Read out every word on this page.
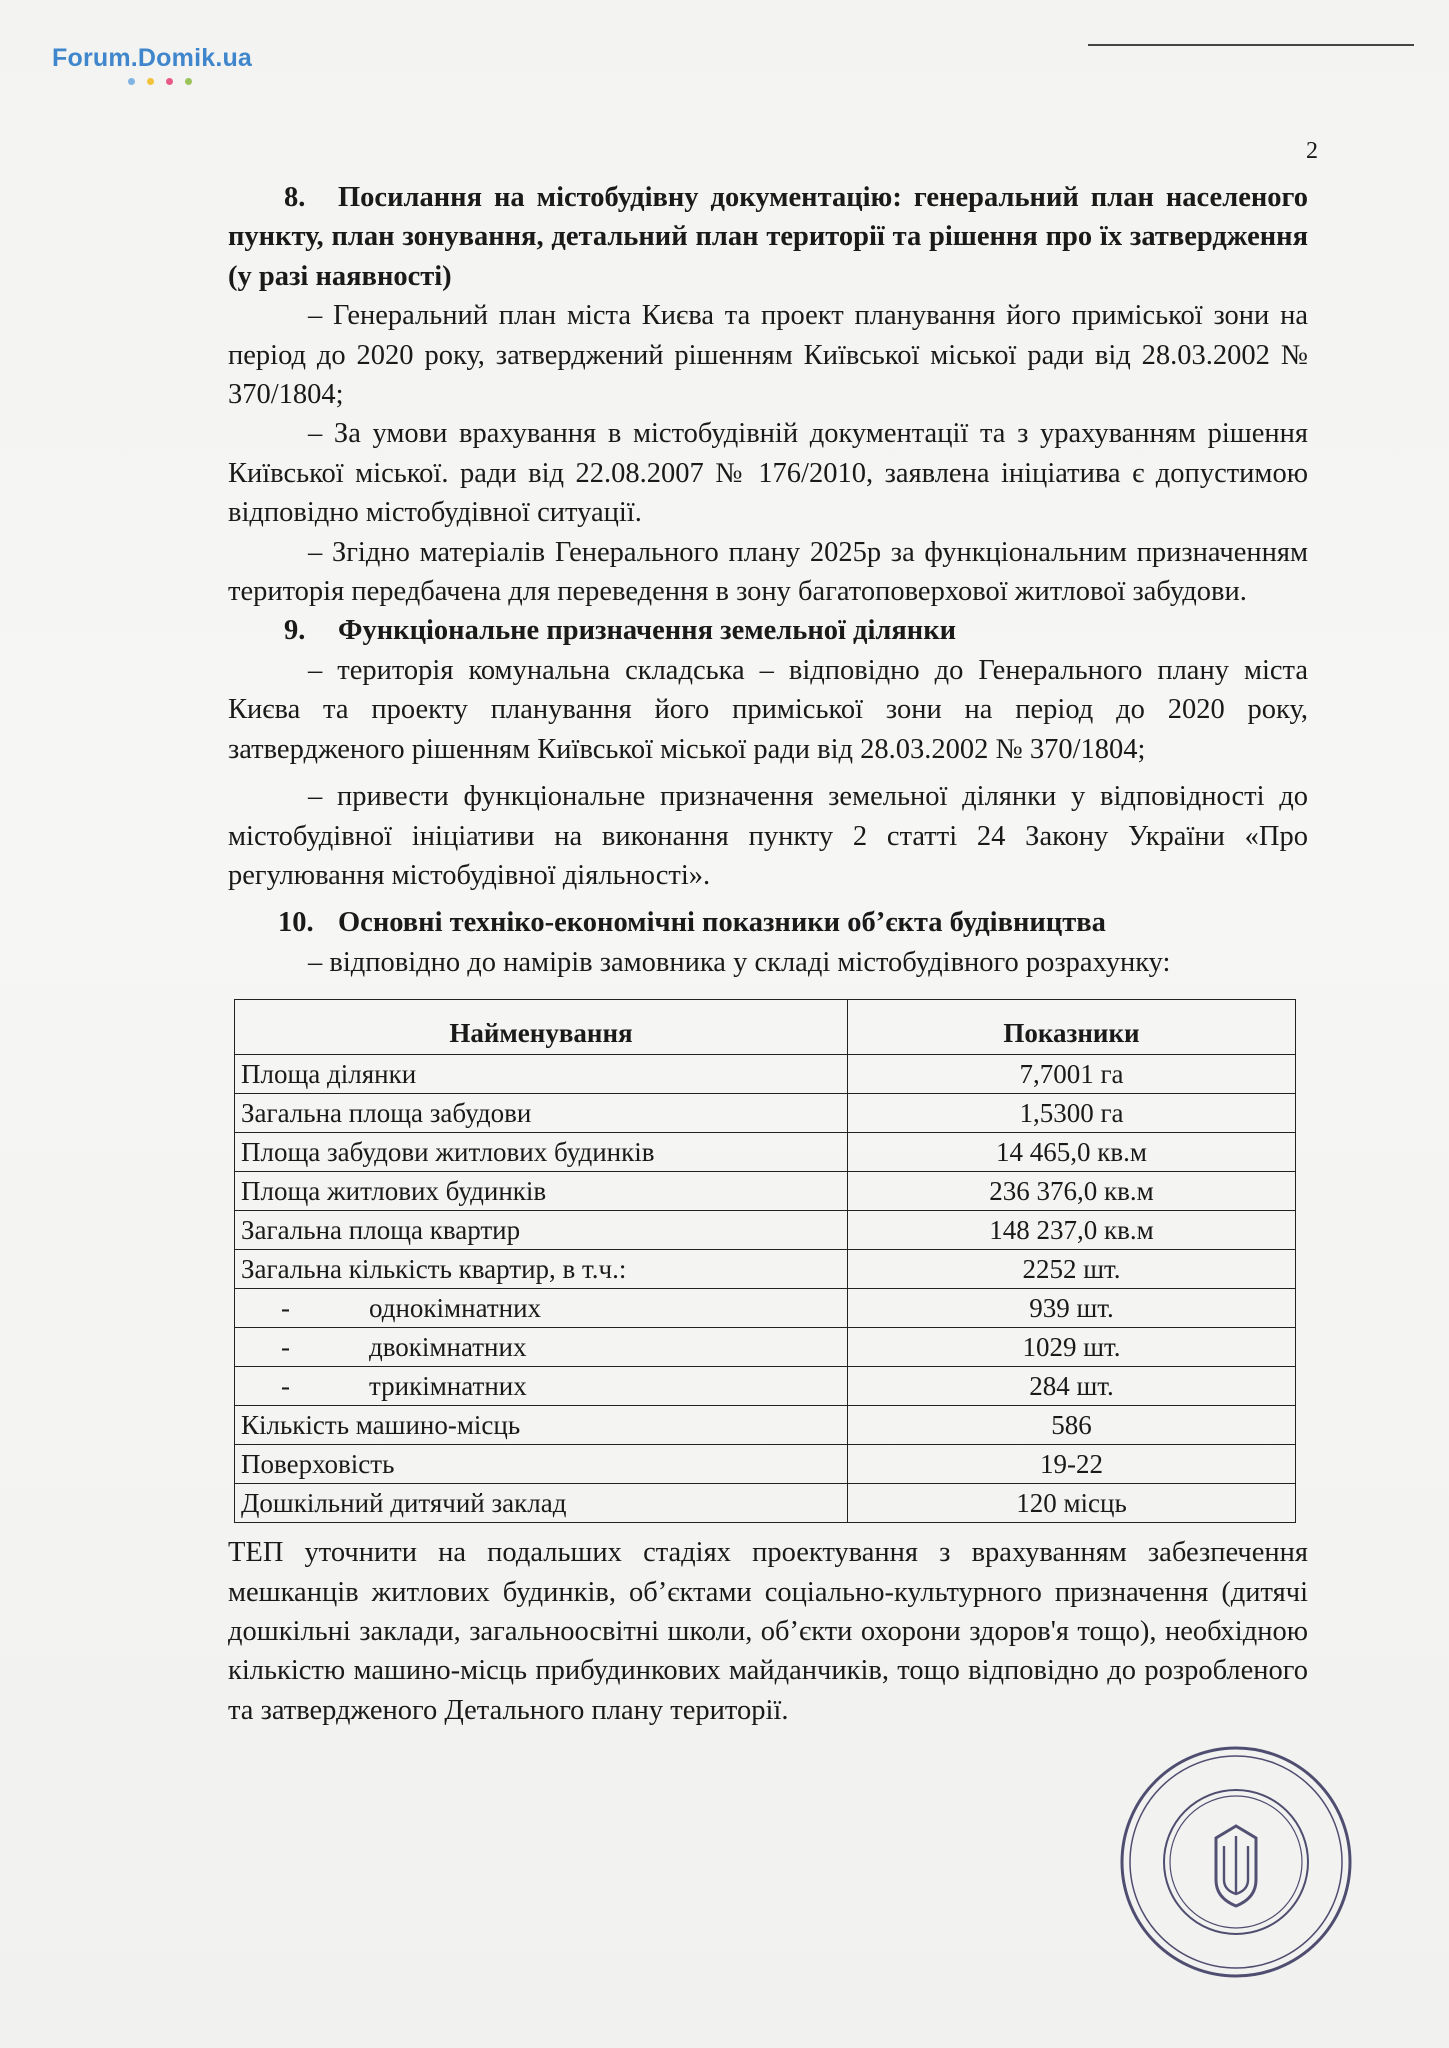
Forum.Domik.ua
2

8. Посилання на містобудівну документацію: генеральний план населеного пункту, план зонування, детальний план території та рішення про їх затвердження (у разі наявності)

– Генеральний план міста Києва та проект планування його приміської зони на період до 2020 року, затверджений рішенням Київської міської ради від 28.03.2002 № 370/1804;

– За умови врахування в містобудівній документації та з урахуванням рішення Київської міської. ради від 22.08.2007 № 176/2010, заявлена ініціатива є допустимою відповідно містобудівної ситуації.

– Згідно матеріалів Генерального плану 2025р за функціональним призначенням територія передбачена для переведення в зону багатоповерхової житлової забудови.

9. Функціональне призначення земельної ділянки

– територія комунальна складська – відповідно до Генерального плану міста Києва та проекту планування його приміської зони на період до 2020 року, затвердженого рішенням Київської міської ради від 28.03.2002 № 370/1804;

– привести функціональне призначення земельної ділянки у відповідності до містобудівної ініціативи на виконання пункту 2 статті 24 Закону України «Про регулювання містобудівної діяльності».

10. Основні техніко-економічні показники об’єкта будівництва

– відповідно до намірів замовника у складі містобудівного розрахунку:

Найменування	Показники
Площа ділянки	7,7001 га
Загальна площа забудови	1,5300 га
Площа забудови житлових будинків	14 465,0 кв.м
Площа житлових будинків	236 376,0 кв.м
Загальна площа квартир	148 237,0 кв.м
Загальна кількість квартир, в т.ч.:	2252 шт.
- однокімнатних	939 шт.
- двокімнатних	1029 шт.
- трикімнатних	284 шт.
Кількість машино-місць	586
Поверховість	19-22
Дошкільний дитячий заклад	120 місць

ТЕП уточнити на подальших стадіях проектування з врахуванням забезпечення мешканців житлових будинків, об’єктами соціально-культурного призначення (дитячі дошкільні заклади, загальноосвітні школи, об’єкти охорони здоров'я тощо), необхідною кількістю машино-місць прибудинкових майданчиків, тощо відповідно до розробленого та затвердженого Детального плану території.
